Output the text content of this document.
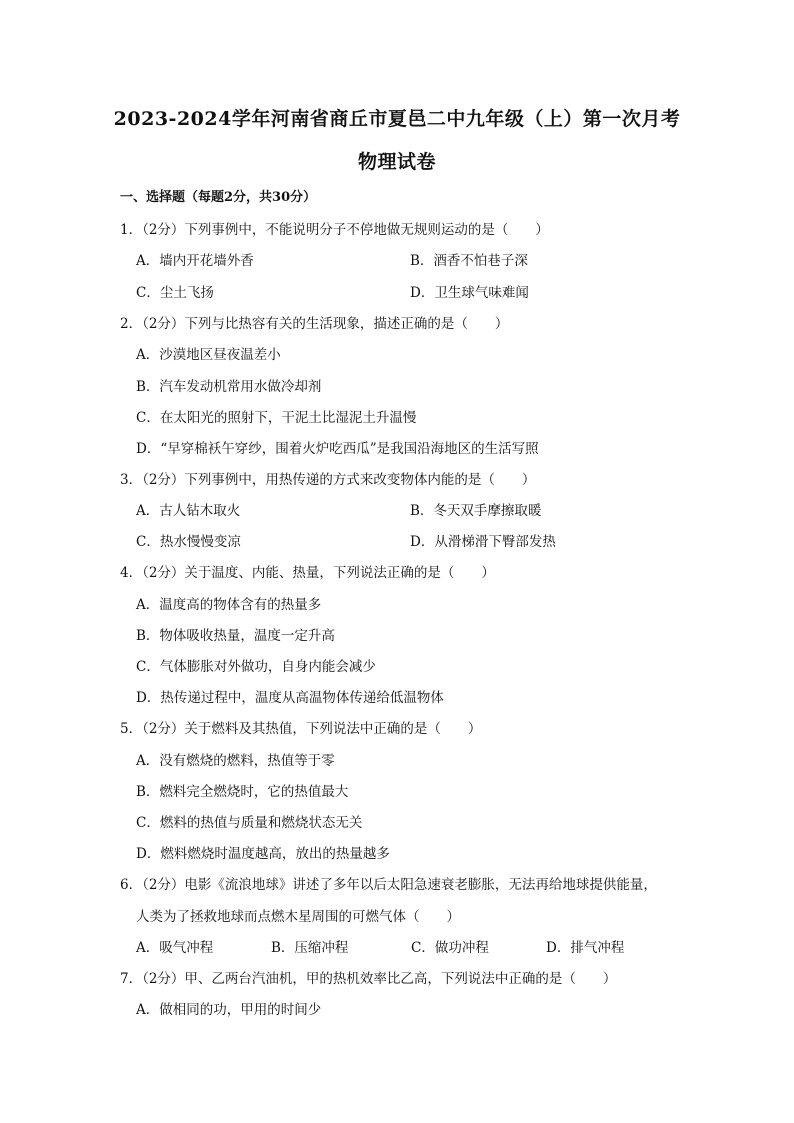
2023-2024学年河南省商丘市夏邑二中九年级（上）第一次月考
物理试卷
一、选择题（每题2分，共30分）
1．（2分）下列事例中，不能说明分子不停地做无规则运动的是（　　）
A．墙内开花墙外香	B．酒香不怕巷子深
C．尘土飞扬	D．卫生球气味难闻
2．（2分）下列与比热容有关的生活现象，描述正确的是（　　）
A．沙漠地区昼夜温差小
B．汽车发动机常用水做冷却剂
C．在太阳光的照射下，干泥土比湿泥土升温慢
D．“早穿棉袄午穿纱，围着火炉吃西瓜”是我国沿海地区的生活写照
3．（2分）下列事例中，用热传递的方式来改变物体内能的是（　　）
A．古人钻木取火	B．冬天双手摩擦取暖
C．热水慢慢变凉	D．从滑梯滑下臀部发热
4．（2分）关于温度、内能、热量，下列说法正确的是（　　）
A．温度高的物体含有的热量多
B．物体吸收热量，温度一定升高
C．气体膨胀对外做功，自身内能会减少
D．热传递过程中，温度从高温物体传递给低温物体
5．（2分）关于燃料及其热值，下列说法中正确的是（　　）
A．没有燃烧的燃料，热值等于零
B．燃料完全燃烧时，它的热值最大
C．燃料的热值与质量和燃烧状态无关
D．燃料燃烧时温度越高，放出的热量越多
6．（2分）电影《流浪地球》讲述了多年以后太阳急速衰老膨胀，无法再给地球提供能量，
人类为了拯救地球而点燃木星周围的可燃气体（　　）
A．吸气冲程	B．压缩冲程	C．做功冲程	D．排气冲程
7．（2分）甲、乙两台汽油机，甲的热机效率比乙高，下列说法中正确的是（　　）
A．做相同的功，甲用的时间少
